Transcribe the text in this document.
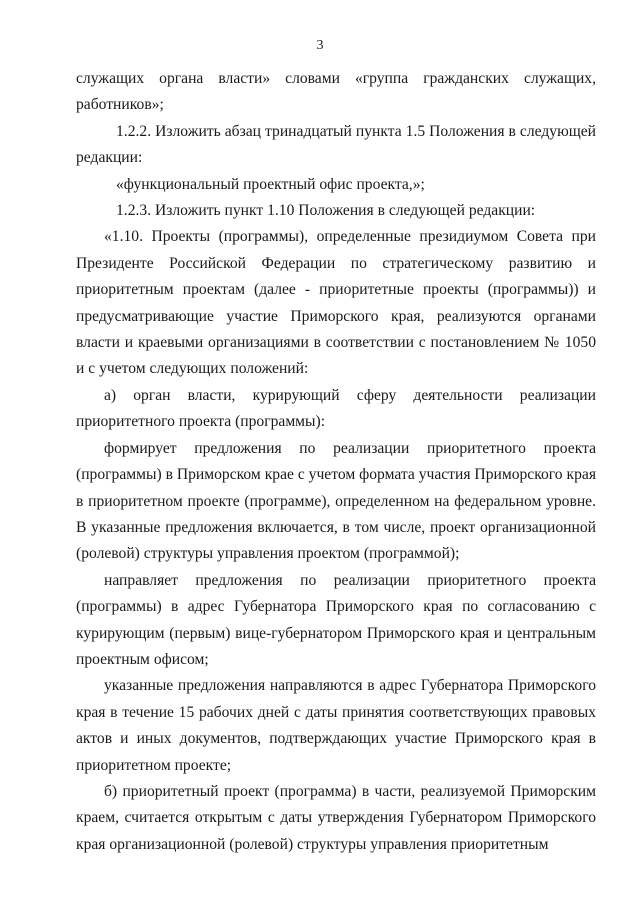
3

служащих органа власти» словами «группа гражданских служащих, работников»;

1.2.2. Изложить абзац тринадцатый пункта 1.5 Положения в следующей редакции:

«функциональный проектный офис проекта,»;

1.2.3. Изложить пункт 1.10 Положения в следующей редакции:

«1.10. Проекты (программы), определенные президиумом Совета при Президенте Российской Федерации по стратегическому развитию и приоритетным проектам (далее - приоритетные проекты (программы)) и предусматривающие участие Приморского края, реализуются органами власти и краевыми организациями в соответствии с постановлением № 1050 и с учетом следующих положений:

а) орган власти, курирующий сферу деятельности реализации приоритетного проекта (программы):

формирует предложения по реализации приоритетного проекта (программы) в Приморском крае с учетом формата участия Приморского края в приоритетном проекте (программе), определенном на федеральном уровне. В указанные предложения включается, в том числе, проект организационной (ролевой) структуры управления проектом (программой);

направляет предложения по реализации приоритетного проекта (программы) в адрес Губернатора Приморского края по согласованию с курирующим (первым) вице-губернатором Приморского края и центральным проектным офисом;

указанные предложения направляются в адрес Губернатора Приморского края в течение 15 рабочих дней с даты принятия соответствующих правовых актов и иных документов, подтверждающих участие Приморского края в приоритетном проекте;

б) приоритетный проект (программа) в части, реализуемой Приморским краем, считается открытым с даты утверждения Губернатором Приморского края организационной (ролевой) структуры управления приоритетным
